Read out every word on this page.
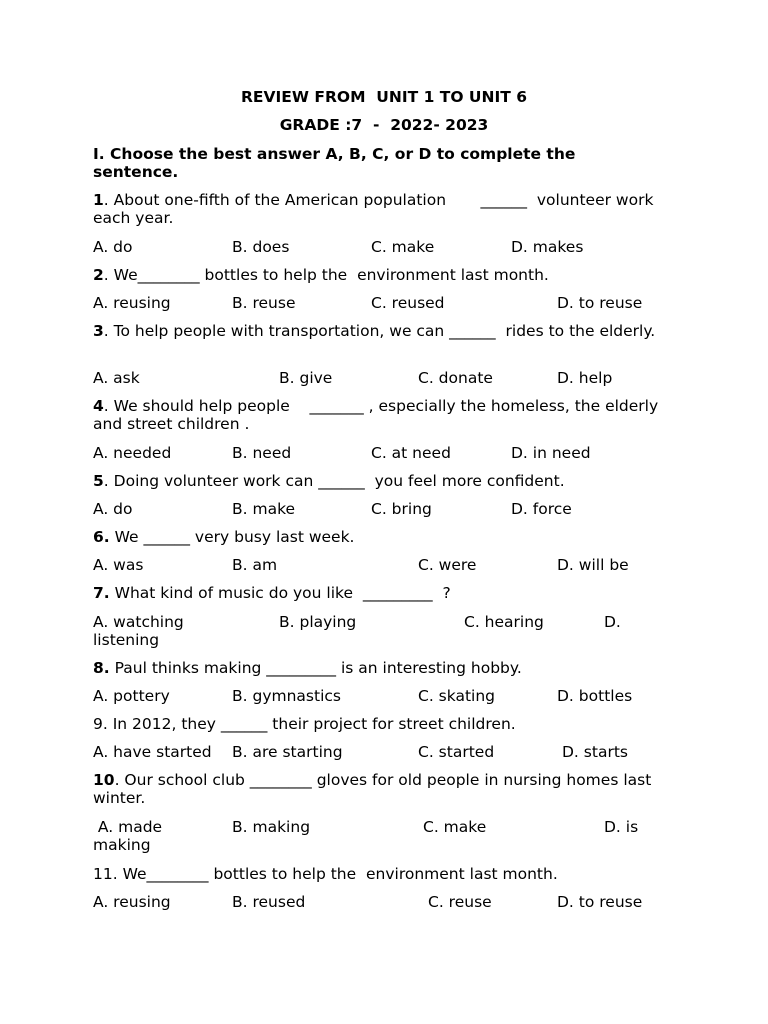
REVIEW FROM  UNIT 1 TO UNIT 6
GRADE :7  -  2022- 2023
I. Choose the best answer A, B, C, or D to complete the sentence.
1. About one-fifth of the American population       ______  volunteer work each year.
A. do	B. does	C. make	D. makes
2. We________ bottles to help the  environment last month.
A. reusing	B. reuse	C. reused	D. to reuse
3. To help people with transportation, we can ______  rides to the elderly.
A. ask	B. give	C. donate	D. help
4. We should help people    _______ , especially the homeless, the elderly and street children .
A. needed	B. need	C. at need	D. in need
5. Doing volunteer work can ______  you feel more confident.
A. do	B. make	C. bring	D. force
6. We ______ very busy last week.
A. was	B. am	C. were	D. will be
7. What kind of music do you like  _________  ?
A. watching	B. playing	C. hearing	D. listening
8. Paul thinks making _________ is an interesting hobby.
A. pottery	B. gymnastics	C. skating	D. bottles
9. In 2012, they ______ their project for street children.
A. have started B. are starting	C. started	D. starts
10. Our school club ________ gloves for old people in nursing homes last winter.
A. made	B. making	C. make	D. is making
11. We________ bottles to help the  environment last month.
A. reusing	B. reused	C. reuse	D. to reuse
